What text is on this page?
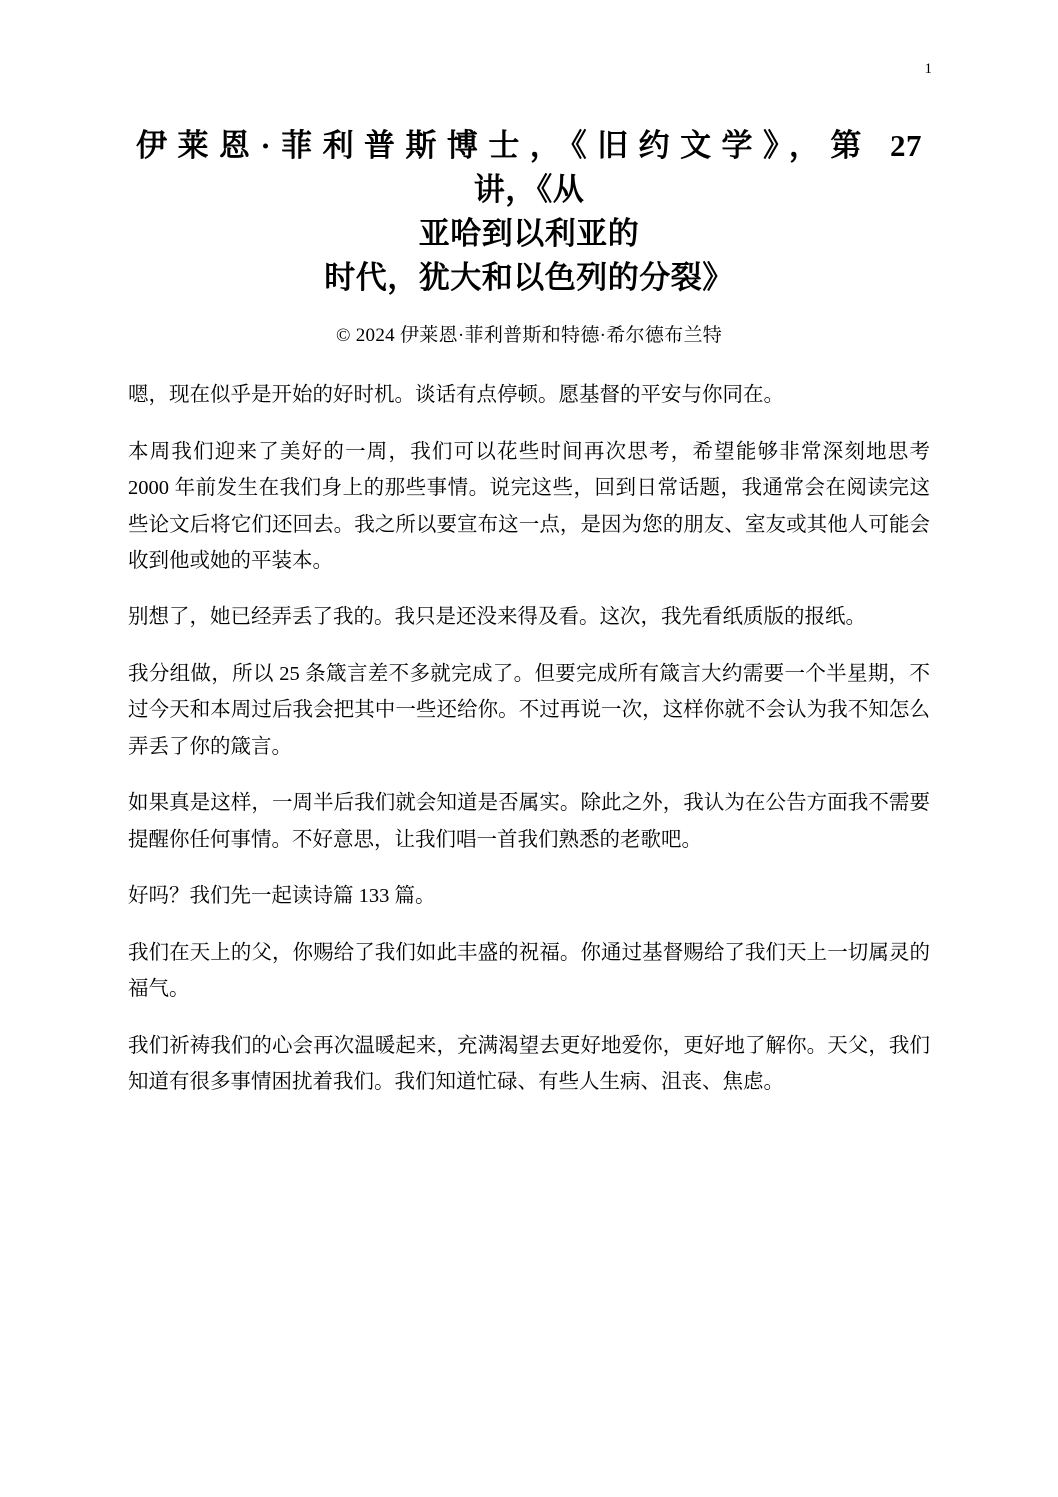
1
伊莱恩·菲利普斯博士，《旧约文学》，第 27
讲，《从
亚哈到以利亚的
时代，犹大和以色列的分裂》
© 2024 伊莱恩·菲利普斯和特德·希尔德布兰特

嗯，现在似乎是开始的好时机。谈话有点停顿。愿基督的平安与你同在。

本周我们迎来了美好的一周，我们可以花些时间再次思考，希望能够非常深刻地思考 2000 年前发生在我们身上的那些事情。说完这些，回到日常话题，我通常会在阅读完这些论文后将它们还回去。我之所以要宣布这一点，是因为您的朋友、室友或其他人可能会收到他或她的平装本。

别想了，她已经弄丢了我的。我只是还没来得及看。这次，我先看纸质版的报纸。

我分组做，所以 25 条箴言差不多就完成了。但要完成所有箴言大约需要一个半星期，不过今天和本周过后我会把其中一些还给你。不过再说一次，这样你就不会认为我不知怎么弄丢了你的箴言。

如果真是这样，一周半后我们就会知道是否属实。除此之外，我认为在公告方面我不需要提醒你任何事情。不好意思，让我们唱一首我们熟悉的老歌吧。

好吗？我们先一起读诗篇 133 篇。

我们在天上的父，你赐给了我们如此丰盛的祝福。你通过基督赐给了我们天上一切属灵的福气。

我们祈祷我们的心会再次温暖起来，充满渴望去更好地爱你，更好地了解你。天父，我们知道有很多事情困扰着我们。我们知道忙碌、有些人生病、沮丧、焦虑。
